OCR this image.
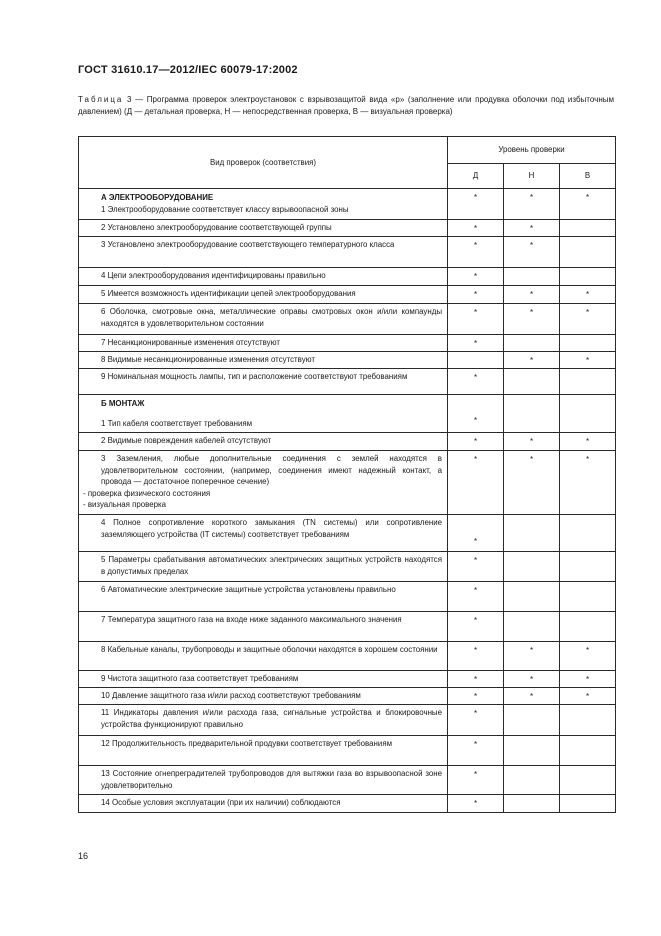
ГОСТ 31610.17—2012/IEC 60079-17:2002
Таблица 3 — Программа проверок электроустановок с взрывозащитой вида «р» (заполнение или продувка оболочки под избыточным давлением) (Д — детальная проверка, Н — непосредственная проверка, В — визуальная проверка)
Вид проверок (соответствия)	Уровень проверки		
	Д	Н	В

А ЭЛЕКТРООБОРУДОВАНИЕ
1 Электрооборудование соответствует классу взрывоопасной зоны	*	*	*
2 Установлено электрооборудование соответствующей группы	*	*	
3 Установлено электрооборудование соответствующего температурного класса	*	*	
4 Цепи электрооборудования идентифицированы правильно	*		
5 Имеется возможность идентификации цепей электрооборудования	*	*	*
6 Оболочка, смотровые окна, металлические оправы смотровых окон и/или компаунды находятся в удовлетворительном состоянии	*	*	*
7 Несанкционированные изменения отсутствуют	*		
8 Видимые несанкционированные изменения отсутствуют		*	*
9 Номинальная мощность лампы, тип и расположение соответствуют требованиям	*		

Б МОНТАЖ
1 Тип кабеля соответствует требованиям	*		
2 Видимые повреждения кабелей отсутствуют	*	*	*

3 Заземления, любые дополнительные соединения с землей находятся в удовлетворительном состоянии, (например, соединения имеют надежный контакт, а провода — достаточное поперечное сечение)
- проверка физического состояния
- визуальная проверка	*	*	*
4 Полное сопротивление короткого замыкания (TN системы) или сопротивление заземляющего устройства (IT системы) соответствует требованиям	*		
5 Параметры срабатывания автоматических электрических защитных устройств находятся в допустимых пределах	*		
6 Автоматические электрические защитные устройства установлены правильно	*		
7 Температура защитного газа на входе ниже заданного максимального значения	*		
8 Кабельные каналы, трубопроводы и защитные оболочки находятся в хорошем состоянии	*	*	*
9 Чистота защитного газа соответствует требованиям	*	*	*
10 Давление защитного газа и/или расход соответствуют требованиям	*	*	*
11 Индикаторы давления и/или расхода газа, сигнальные устройства и блокировочные устройства функционируют правильно	*		
12 Продолжительность предварительной продувки соответствует требованиям	*		
13 Состояние огнепреградителей трубопроводов для вытяжки газа во взрывоопасной зоне удовлетворительно	*		
14 Особые условия эксплуатации (при их наличии) соблюдаются	*		
16
